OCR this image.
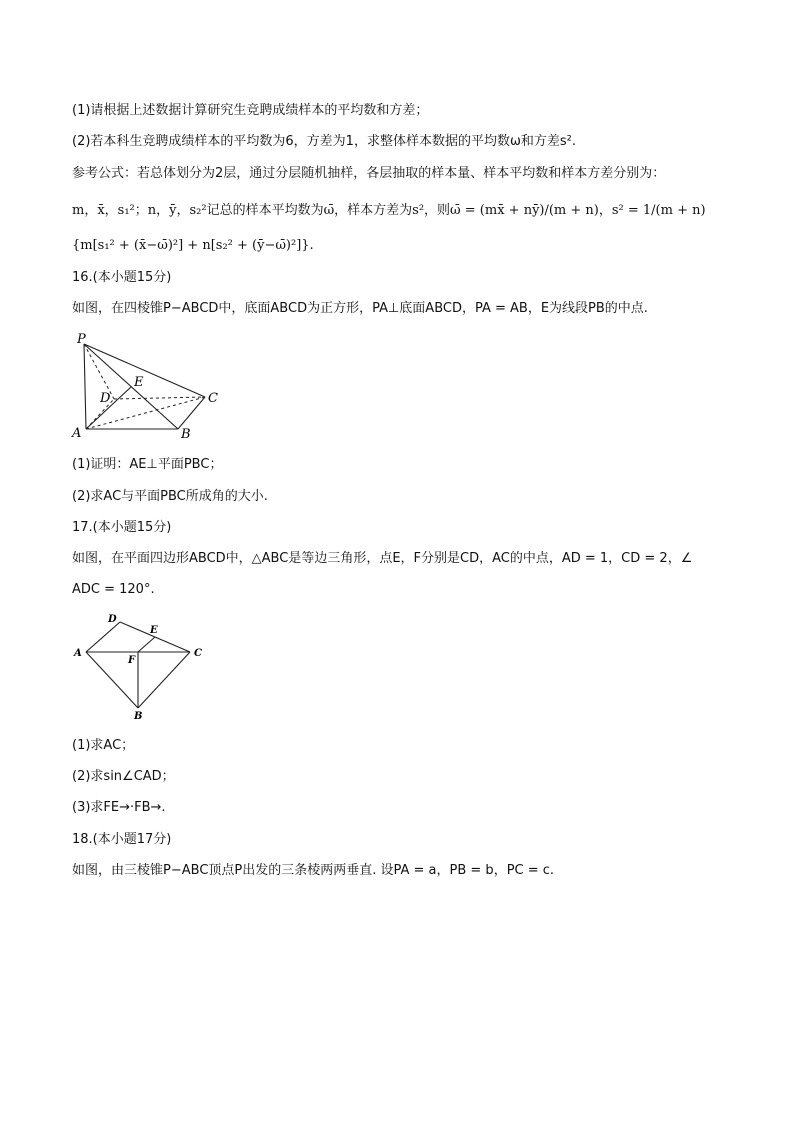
(1)请根据上述数据计算研究生竞聘成绩样本的平均数和方差；
(2)若本科生竞聘成绩样本的平均数为6，方差为1，求整体样本数据的平均数ω和方差s².
参考公式：若总体划分为2层，通过分层随机抽样，各层抽取的样本量、样本平均数和样本方差分别为：
m，x̄，s₁²；n，ȳ，s₂²记总的样本平均数为ω̄，样本方差为s²，则ω̄ = (mx̄ + nȳ)/(m + n)，s² = 1/(m + n)
{m[s₁² + (x̄−ω̄)²] + n[s₂² + (ȳ−ω̄)²]}.
16.(本小题15分)
如图，在四棱锥P−ABCD中，底面ABCD为正方形，PA⊥底面ABCD，PA = AB，E为线段PB的中点.
P
A	B
C
D
E
(1)证明：AE⊥平面PBC；
(2)求AC与平面PBC所成角的大小.
17.(本小题15分)
如图，在平面四边形ABCD中，△ABC是等边三角形，点E，F分别是CD，AC的中点，AD = 1，CD = 2，∠
ADC = 120°.
A
B
C
D
E
F
(1)求AC；
(2)求sin∠CAD；
(3)求FE→·FB→.
18.(本小题17分)
如图，由三棱锥P−ABC顶点P出发的三条棱两两垂直. 设PA = a，PB = b，PC = c.
